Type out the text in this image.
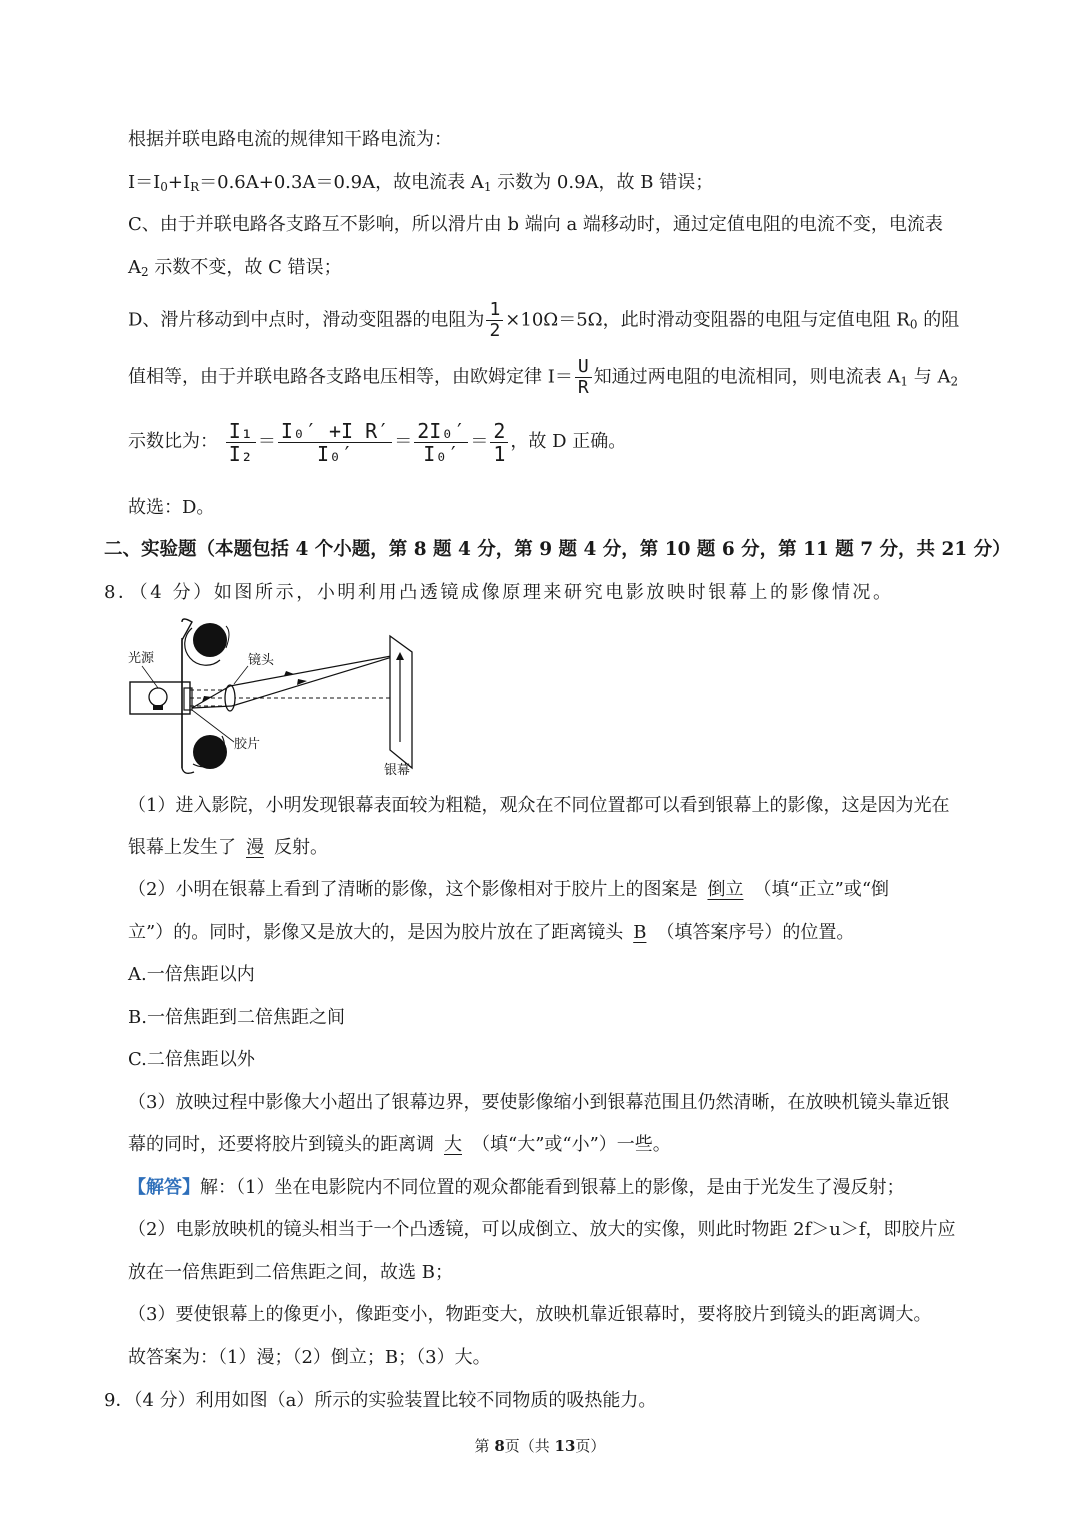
根据并联电路电流的规律知干路电流为：
$I=I_0+I_R=0.6A+0.3A=0.9A$，故电流表 $A_1$ 示数为 0.9A，故 B 错误；
C、由于并联电路各支路互不影响，所以滑片由 b 端向 a 端移动时，通过定值电阻的电流不变，电流表
$A_2$ 示数不变，故 C 错误；
D、滑片移动到中点时，滑动变阻器的电阻为 $\frac{1}{2} \times 10\Omega=5\Omega$，此时滑动变阻器的电阻与定值电阻 $R_0$ 的阻
值相等，由于并联电路各支路电压相等，由欧姆定律 $I= \frac{U}{R}$ 知通过两电阻的电流相同，则电流表 $A_1$ 与 $A_2$
示数比为： $\frac{\text{I₁}}{\text{I₂}} = \frac{\text{I₀′ +I\_R′}}{\text{I₀′}} = \frac{\text{2I₀′}}{\text{I₀′}} = \frac{2}{1}$ ，故 D 正确。
故选：D。
二、实验题（本题包括 4 个小题，第 8 题 4 分，第 9 题 4 分，第 10 题 6 分，第 11 题 7 分，共 21 分）
8．（4 分）如图所示，小明利用凸透镜成像原理来研究电影放映时银幕上的影像情况。
光源	镜头
胶片
银幕
（1）进入影院，小明发现银幕表面较为粗糙，观众在不同位置都可以看到银幕上的影像，这是因为光在
银幕上发生了 漫 反射。
（2）小明在银幕上看到了清晰的影像，这个影像相对于胶片上的图案是 倒立 （填“正立”或“倒
立”）的。同时，影像又是放大的，是因为胶片放在了距离镜头 B （填答案序号）的位置。
A.一倍焦距以内
B.一倍焦距到二倍焦距之间
C.二倍焦距以外
（3）放映过程中影像大小超出了银幕边界，要使影像缩小到银幕范围且仍然清晰，在放映机镜头靠近银
幕的同时，还要将胶片到镜头的距离调 大 （填“大”或“小”）一些。
【解答】解：（1）坐在电影院内不同位置的观众都能看到银幕上的影像，是由于光发生了漫反射；
（2）电影放映机的镜头相当于一个凸透镜，可以成倒立、放大的实像，则此时物距 2f＞u＞f，即胶片应
放在一倍焦距到二倍焦距之间，故选 B；
（3）要使银幕上的像更小，像距变小，物距变大，放映机靠近银幕时，要将胶片到镜头的距离调大。
故答案为：（1）漫；（2）倒立；B；（3）大。
9．（4 分）利用如图（a）所示的实验装置比较不同物质的吸热能力。
第 8页（共 13页）
